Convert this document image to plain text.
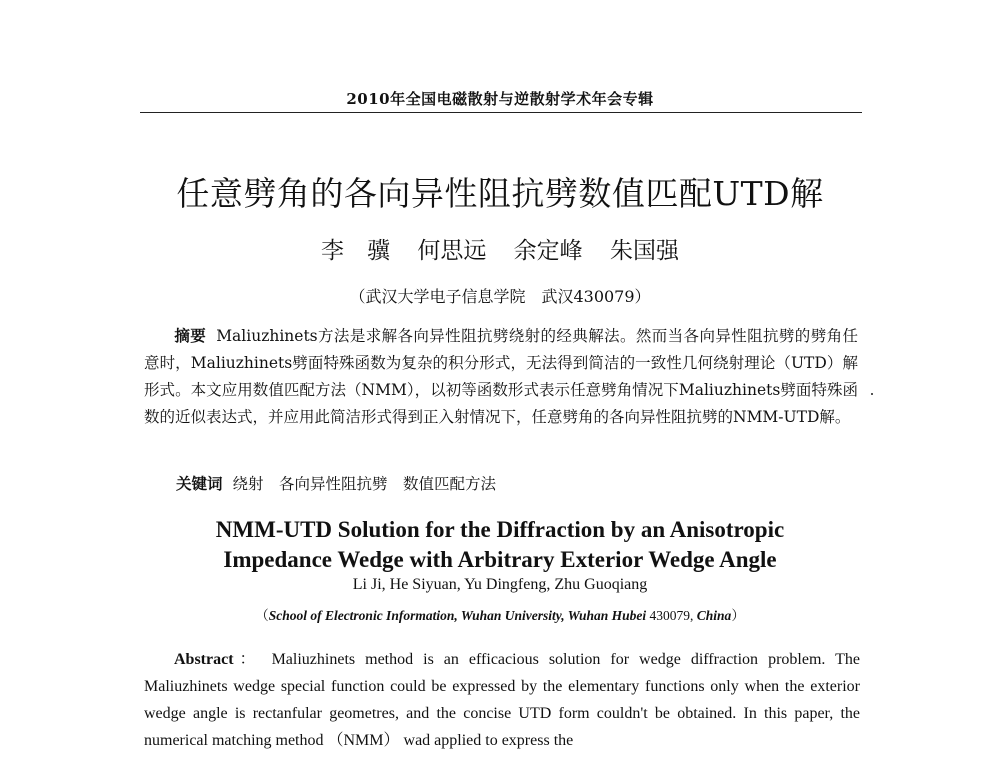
2010年全国电磁散射与逆散射学术年会专辑
任意劈角的各向异性阻抗劈数值匹配UTD解
李　骥 何思远 余定峰 朱国强
（武汉大学电子信息学院　武汉430079）
摘要 Maliuzhinets方法是求解各向异性阻抗劈绕射的经典解法。然而当各向异性阻抗劈的劈角任意时，Maliuzhinets劈面特殊函数为复杂的积分形式，无法得到简洁的一致性几何绕射理论（UTD）解形式。本文应用数值匹配方法（NMM），以初等函数形式表示任意劈角情况下Maliuzhinets劈面特殊函数的近似表达式，并应用此简洁形式得到正入射情况下，任意劈角的各向异性阻抗劈的NMM-UTD解。
关键词 绕射　各向异性阻抗劈　数值匹配方法
NMM-UTD Solution for the Diffraction by an Anisotropic
Impedance Wedge with Arbitrary Exterior Wedge Angle
Li Ji, He Siyuan, Yu Dingfeng, Zhu Guoqiang
（School of Electronic Information, Wuhan University, Wuhan Hubei 430079, China）
Abstract： Maliuzhinets method is an efficacious solution for wedge diffraction problem. The Maliuzhinets wedge special function could be expressed by the elementary functions only when the exterior wedge angle is rectanfular geometres, and the concise UTD form couldn't be obtained. In this paper, the numerical matching method （NMM） wad applied to express the
